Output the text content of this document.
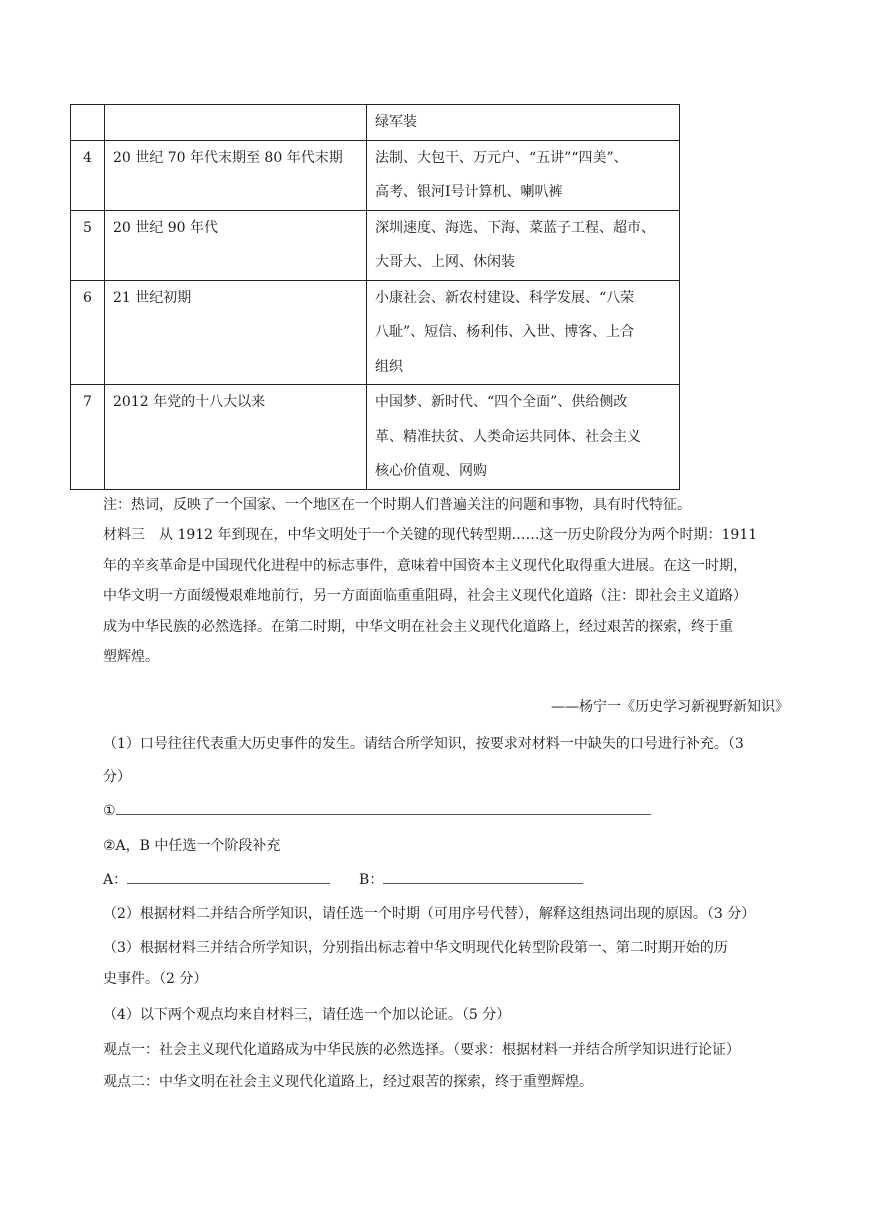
		绿军装

4	20 世纪 70 年代末期至 80 年代末期	法制、大包干、万元户、“五讲”“四美”、
高考、银河Ⅰ号计算机、喇叭裤

5	20 世纪 90 年代	深圳速度、海选、下海、菜蓝子工程、超市、
大哥大、上网、休闲装

6	21 世纪初期	小康社会、新农村建设、科学发展、“八荣
八耻”、短信、杨利伟、入世、博客、上合
组织

7	2012 年党的十八大以来	中国梦、新时代、“四个全面”、供给侧改
革、精准扶贫、人类命运共同体、社会主义
核心价值观、网购
注：热词，反映了一个国家、一个地区在一个时期人们普遍关注的问题和事物，具有时代特征。
材料三　从 1912 年到现在，中华文明处于一个关键的现代转型期……这一历史阶段分为两个时期：1911
年的辛亥革命是中国现代化进程中的标志事件，意味着中国资本主义现代化取得重大进展。在这一时期，
中华文明一方面缓慢艰难地前行，另一方面面临重重阻碍，社会主义现代化道路（注：即社会主义道路）
成为中华民族的必然选择。在第二时期，中华文明在社会主义现代化道路上，经过艰苦的探索，终于重
塑辉煌。
——杨宁一《历史学习新视野新知识》
（1）口号往往代表重大历史事件的发生。请结合所学知识，按要求对材料一中缺失的口号进行补充。（3
分）
①
②A，B 中任选一个阶段补充
A：	B：
（2）根据材料二并结合所学知识，请任选一个时期（可用序号代替），解释这组热词出现的原因。（3 分）
（3）根据材料三并结合所学知识，分别指出标志着中华文明现代化转型阶段第一、第二时期开始的历
史事件。（2 分）
（4）以下两个观点均来自材料三，请任选一个加以论证。（5 分）
观点一：社会主义现代化道路成为中华民族的必然选择。（要求：根据材料一并结合所学知识进行论证）
观点二：中华文明在社会主义现代化道路上，经过艰苦的探索，终于重塑辉煌。
